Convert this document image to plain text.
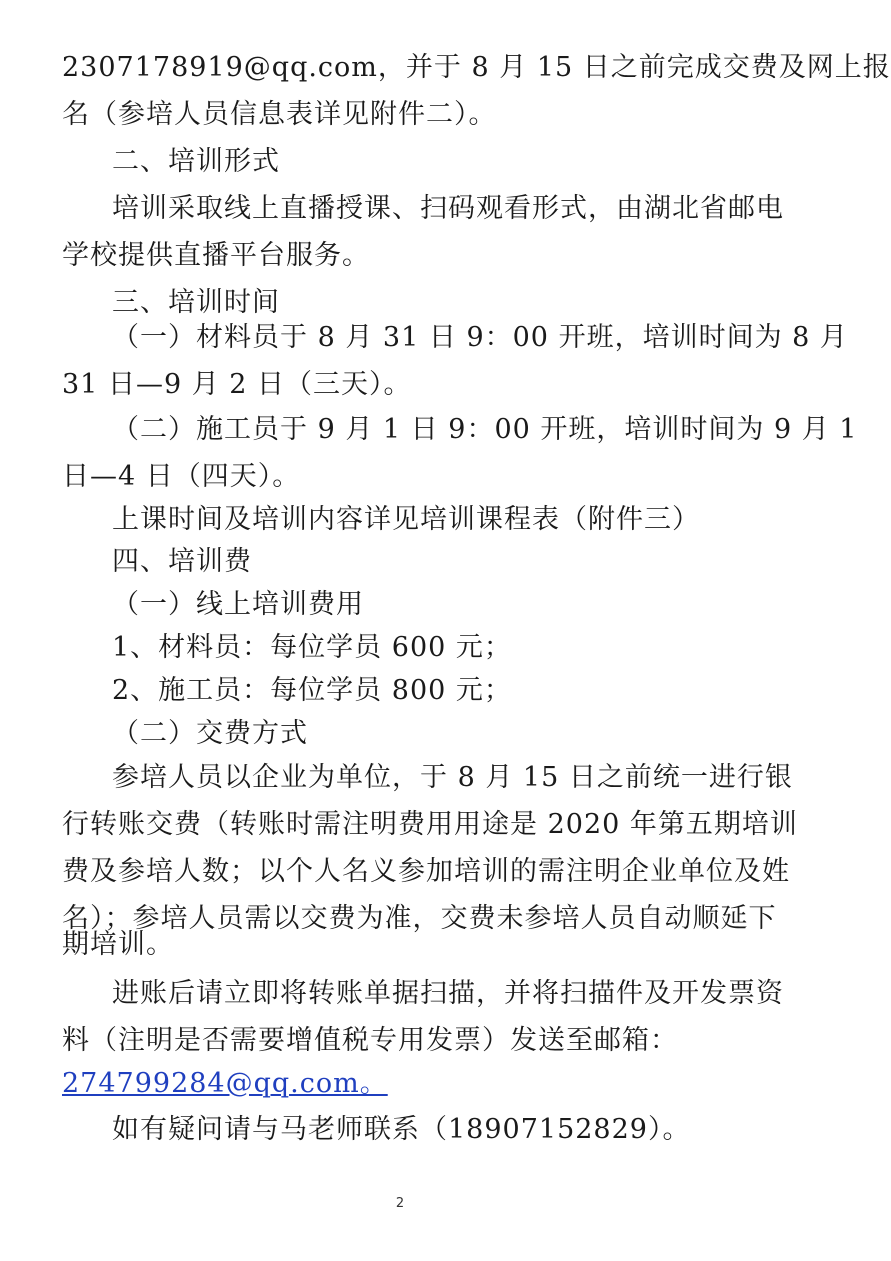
2307178919@qq.com，并于 8 月 15 日之前完成交费及网上报
名（参培人员信息表详见附件二）。
二、培训形式
培训采取线上直播授课、扫码观看形式，由湖北省邮电
学校提供直播平台服务。
三、培训时间
（一）材料员于 8 月 31 日 9：00 开班，培训时间为 8 月
31 日—9 月 2 日（三天）。
（二）施工员于 9 月 1 日 9：00 开班，培训时间为 9 月 1
日—4 日（四天）。
上课时间及培训内容详见培训课程表（附件三）
四、培训费
（一）线上培训费用
1、材料员：每位学员 600 元；
2、施工员：每位学员 800 元；
（二）交费方式
参培人员以企业为单位，于 8 月 15 日之前统一进行银
行转账交费（转账时需注明费用用途是 2020 年第五期培训
费及参培人数；以个人名义参加培训的需注明企业单位及姓
名）；参培人员需以交费为准，交费未参培人员自动顺延下
期培训。
进账后请立即将转账单据扫描，并将扫描件及开发票资
料（注明是否需要增值税专用发票）发送至邮箱：
274799284@qq.com。
如有疑问请与马老师联系（18907152829）。
2
